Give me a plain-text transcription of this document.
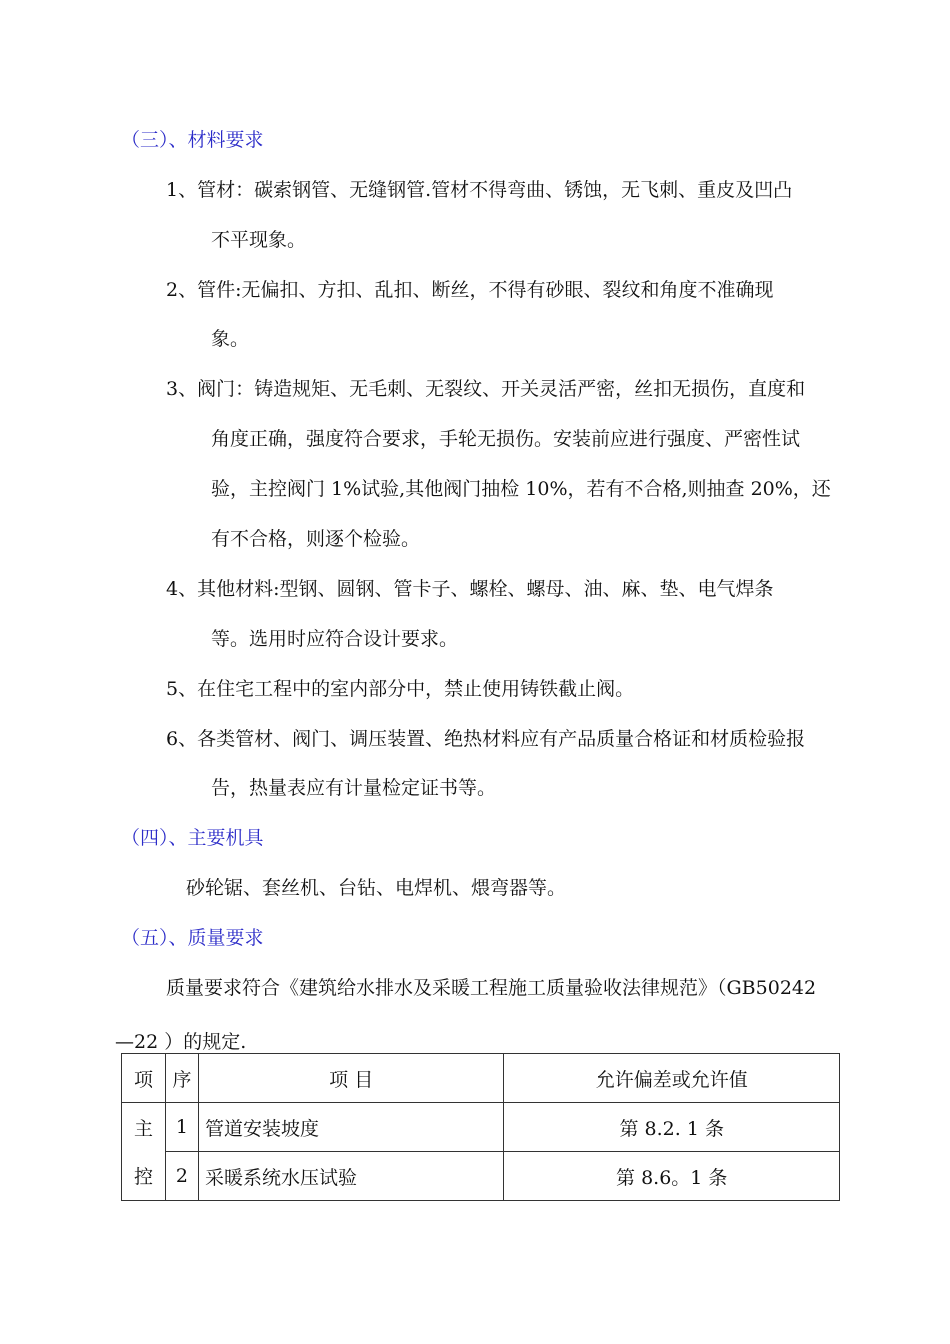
（三）、材料要求
1、管材：碳索钢管、无缝钢管.管材不得弯曲、锈蚀，无飞刺、重皮及凹凸
不平现象。
2、管件:无偏扣、方扣、乱扣、断丝，不得有砂眼、裂纹和角度不准确现
象。
3、阀门：铸造规矩、无毛刺、无裂纹、开关灵活严密，丝扣无损伤，直度和
角度正确，强度符合要求，手轮无损伤。安装前应进行强度、严密性试
验，主控阀门 1%试验,其他阀门抽检 10%，若有不合格,则抽查 20%，还
有不合格，则逐个检验。
4、其他材料:型钢、圆钢、管卡子、螺栓、螺母、油、麻、垫、电气焊条
等。选用时应符合设计要求。
5、在住宅工程中的室内部分中，禁止使用铸铁截止阀。
6、各类管材、阀门、调压装置、绝热材料应有产品质量合格证和材质检验报
告，热量表应有计量检定证书等。
（四）、主要机具
砂轮锯、套丝机、台钻、电焊机、煨弯器等。
（五）、质量要求
质量要求符合《建筑给水排水及采暖工程施工质量验收法律规范》（GB50242
—22 ）的规定.
项	序	项 目	允许偏差或允许值
主	1	管道安装坡度	第 8.2. 1 条
控	2	采暖系统水压试验	第 8.6。1 条
